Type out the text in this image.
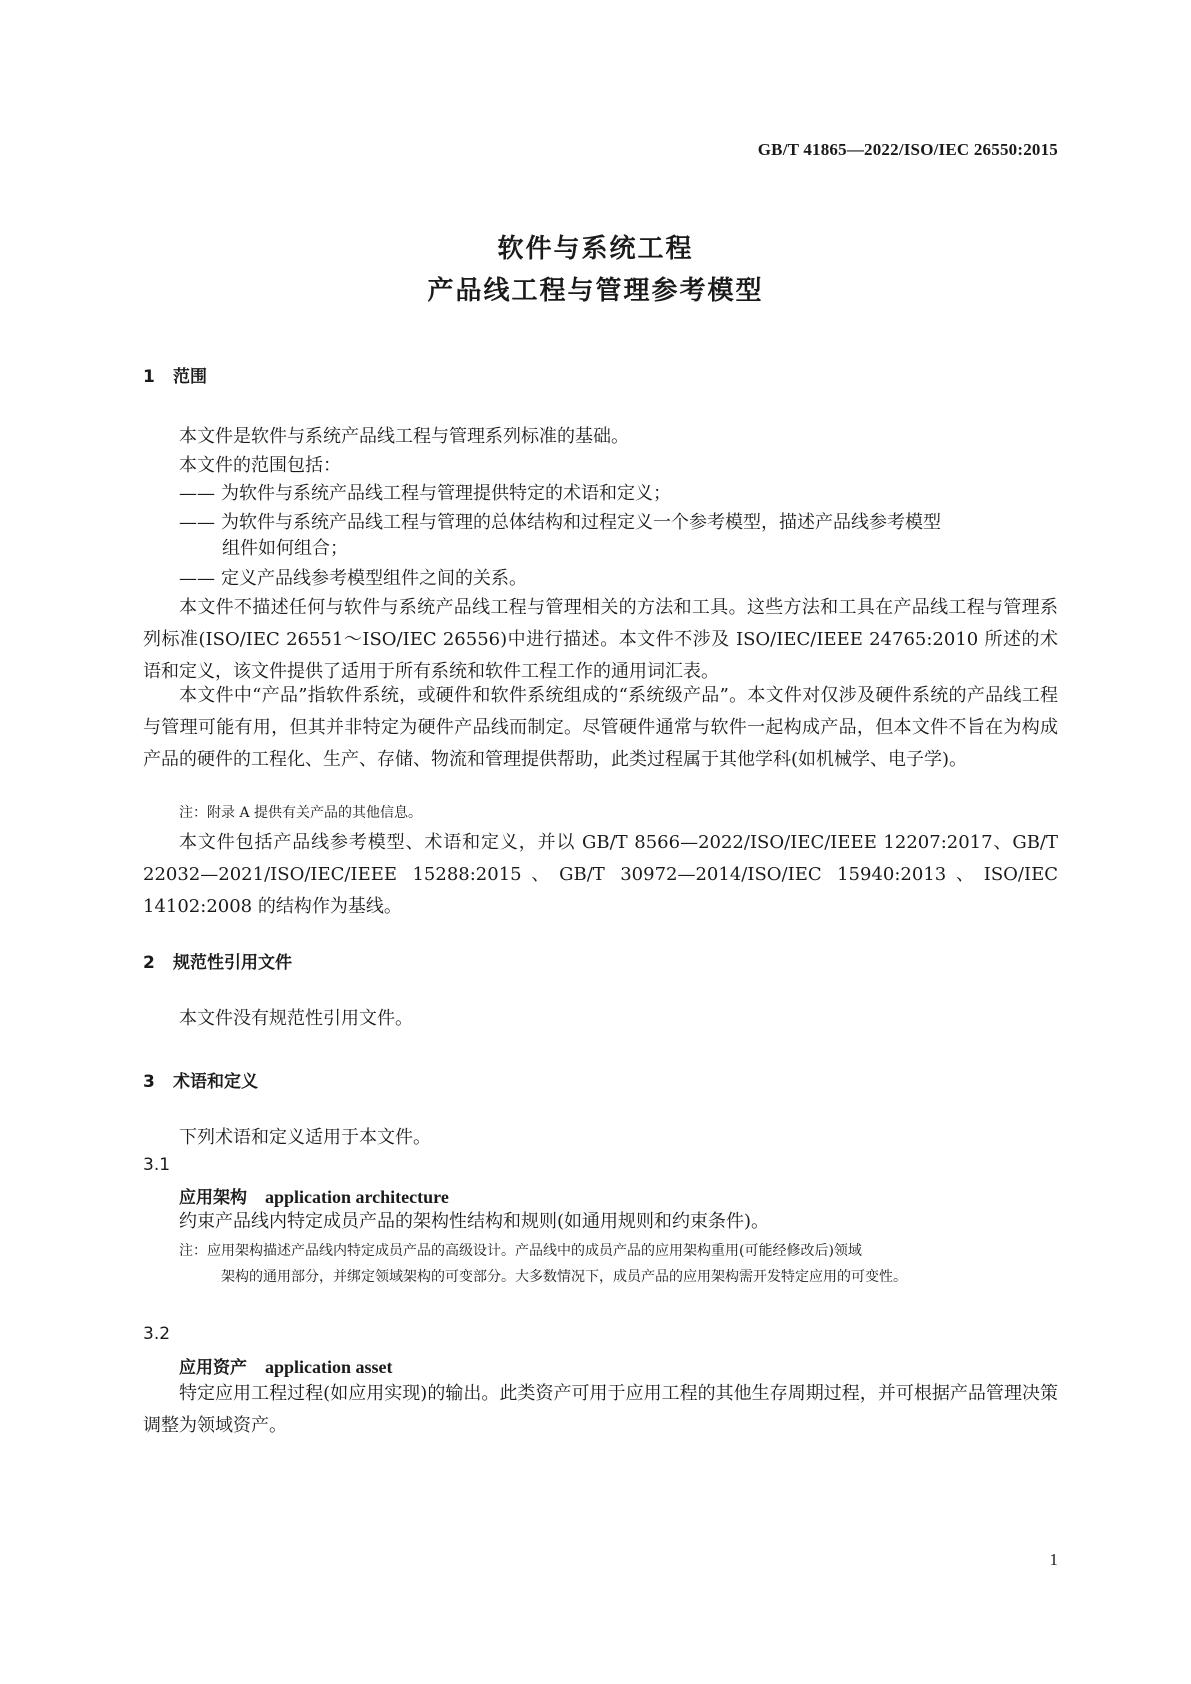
GB/T 41865—2022/ISO/IEC 26550:2015
软件与系统工程
产品线工程与管理参考模型
1 范围
本文件是软件与系统产品线工程与管理系列标准的基础。
本文件的范围包括：
—— 为软件与系统产品线工程与管理提供特定的术语和定义；
—— 为软件与系统产品线工程与管理的总体结构和过程定义一个参考模型，描述产品线参考模型
组件如何组合；
—— 定义产品线参考模型组件之间的关系。
本文件不描述任何与软件与系统产品线工程与管理相关的方法和工具。这些方法和工具在产品线工程与管理系列标准(ISO/IEC 26551～ISO/IEC 26556)中进行描述。本文件不涉及 ISO/IEC/IEEE 24765:2010 所述的术语和定义，该文件提供了适用于所有系统和软件工程工作的通用词汇表。
本文件中“产品”指软件系统，或硬件和软件系统组成的“系统级产品”。本文件对仅涉及硬件系统的产品线工程与管理可能有用，但其并非特定为硬件产品线而制定。尽管硬件通常与软件一起构成产品，但本文件不旨在为构成产品的硬件的工程化、生产、存储、物流和管理提供帮助，此类过程属于其他学科(如机械学、电子学)。
注：附录 A 提供有关产品的其他信息。
本文件包括产品线参考模型、术语和定义，并以 GB/T 8566—2022/ISO/IEC/IEEE 12207:2017、GB/T 22032—2021/ISO/IEC/IEEE 15288:2015、GB/T 30972—2014/ISO/IEC 15940:2013、ISO/IEC 14102:2008 的结构作为基线。
2 规范性引用文件
本文件没有规范性引用文件。
3 术语和定义
下列术语和定义适用于本文件。
3.1
应用架构 application architecture
约束产品线内特定成员产品的架构性结构和规则(如通用规则和约束条件)。
注：应用架构描述产品线内特定成员产品的高级设计。产品线中的成员产品的应用架构重用(可能经修改后)领域
架构的通用部分，并绑定领域架构的可变部分。大多数情况下，成员产品的应用架构需开发特定应用的可变性。
3.2
应用资产 application asset
特定应用工程过程(如应用实现)的输出。此类资产可用于应用工程的其他生存周期过程，并可根据产品管理决策调整为领域资产。
1
